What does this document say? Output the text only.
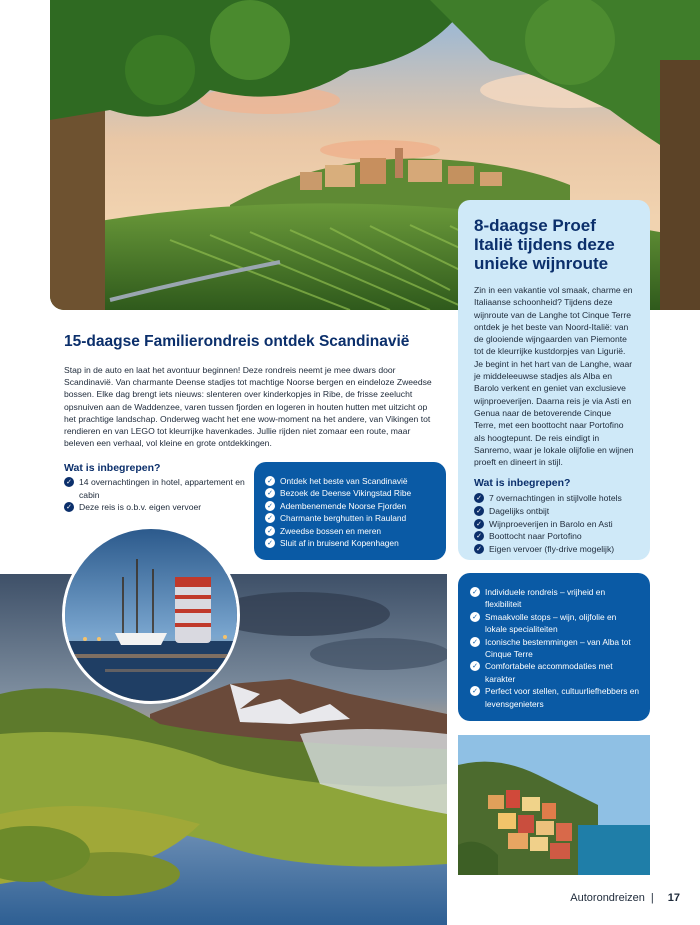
8-daagse Proef Italië tijdens deze unieke wijnroute

Zin in een vakantie vol smaak, charme en Italiaanse schoonheid? Tijdens deze wijnroute van de Langhe tot Cinque Terre ontdek je het beste van Noord-Italië: van de glooiende wijngaarden van Piemonte tot de kleurrijke kustdorpjes van Liguriё. Je begint in het hart van de Langhe, waar je middeleeuwse stadjes als Alba en Barolo verkent en geniet van exclusieve wijnproeverijen. Daarna reis je via Asti en Genua naar de betoverende Cinque Terre, met een boottocht naar Portofino als hoogtepunt. De reis eindigt in Sanremo, waar je lokale olijfolie en wijnen proeft en dineert in stijl.

Wat is inbegrepen?
✓ 7 overnachtingen in stijlvolle hotels
✓ Dagelijks ontbijt
✓ Wijnproeverijen in Barolo en Asti
✓ Boottocht naar Portofino
✓ Eigen vervoer (fly-drive mogelijk)
15-daagse Familierondreis ontdek Scandinavië

Stap in de auto en laat het avontuur beginnen! Deze rondreis neemt je mee dwars door Scandinavië. Van charmante Deense stadjes tot machtige Noorse bergen en eindeloze Zweedse bossen. Elke dag brengt iets nieuws: slenteren over kinderkopjes in Ribe, de frisse zeelucht opsnuiven aan de Waddenzee, varen tussen fjorden en logeren in houten hutten met uitzicht op het prachtige landschap. Onderweg wacht het ene wow-moment na het andere, van Vikingen tot rendieren en van LEGO tot kleurrijke havenkades. Jullie rijden niet zomaar een route, maar beleven een verhaal, vol kleine en grote ontdekkingen.

Wat is inbegrepen?
✓ 14 overnachtingen in hotel, appartement en cabin
✓ Deze reis is o.b.v. eigen vervoer
✓ Ontdek het beste van Scandinavië
✓ Bezoek de Deense Vikingstad Ribe
✓ Adembenemende Noorse Fjorden
✓ Charmante berghutten in Rauland
✓ Zweedse bossen en meren
✓ Sluit af in bruisend Kopenhagen
✓ Individuele rondreis – vrijheid en flexibiliteit
✓ Smaakvolle stops – wijn, olijfolie en lokale specialiteiten
✓ Iconische bestemmingen – van Alba tot Cinque Terre
✓ Comfortabele accommodaties met karakter
✓ Perfect voor stellen, cultuurliefhebbers en levensgenieters
Autorondreizen | 17
